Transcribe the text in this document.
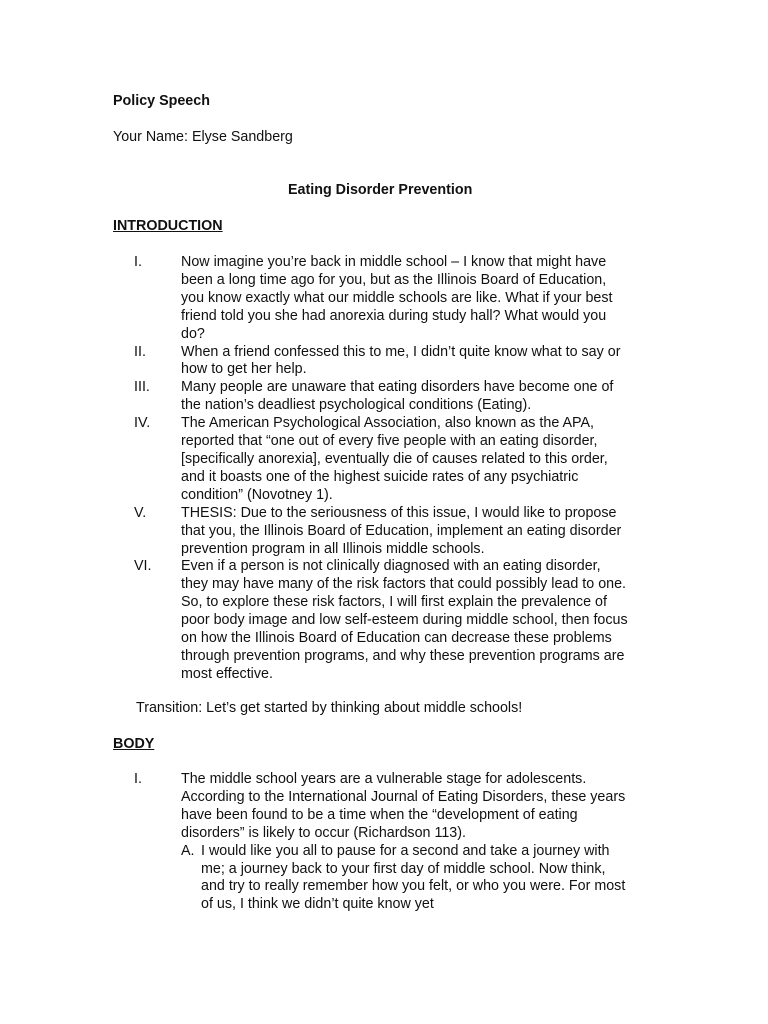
Policy Speech
Your Name: Elyse Sandberg
Eating Disorder Prevention
INTRODUCTION
I.	Now imagine you’re back in middle school – I know that might have
been a long time ago for you, but as the Illinois Board of Education,
you know exactly what our middle schools are like. What if your best
friend told you she had anorexia during study hall? What would you
do?
II. When a friend confessed this to me, I didn’t quite know what to say or
how to get her help.
III. Many people are unaware that eating disorders have become one of
the nation’s deadliest psychological conditions (Eating).
IV. The American Psychological Association, also known as the APA,
reported that “one out of every five people with an eating disorder,
[specifically anorexia], eventually die of causes related to this order,
and it boasts one of the highest suicide rates of any psychiatric
condition” (Novotney 1).
V. THESIS: Due to the seriousness of this issue, I would like to propose
that you, the Illinois Board of Education, implement an eating disorder
prevention program in all Illinois middle schools.
VI. Even if a person is not clinically diagnosed with an eating disorder,
they may have many of the risk factors that could possibly lead to one.
So, to explore these risk factors, I will first explain the prevalence of
poor body image and low self-esteem during middle school, then focus
on how the Illinois Board of Education can decrease these problems
through prevention programs, and why these prevention programs are
most effective.
Transition: Let’s get started by thinking about middle schools!
BODY
I.	The middle school years are a vulnerable stage for adolescents.
According to the International Journal of Eating Disorders, these years
have been found to be a time when the “development of eating
disorders” is likely to occur (Richardson 113).
A. I would like you all to pause for a second and take a journey with
me; a journey back to your first day of middle school. Now think,
and try to really remember how you felt, or who you were. For most
of us, I think we didn’t quite know yet
